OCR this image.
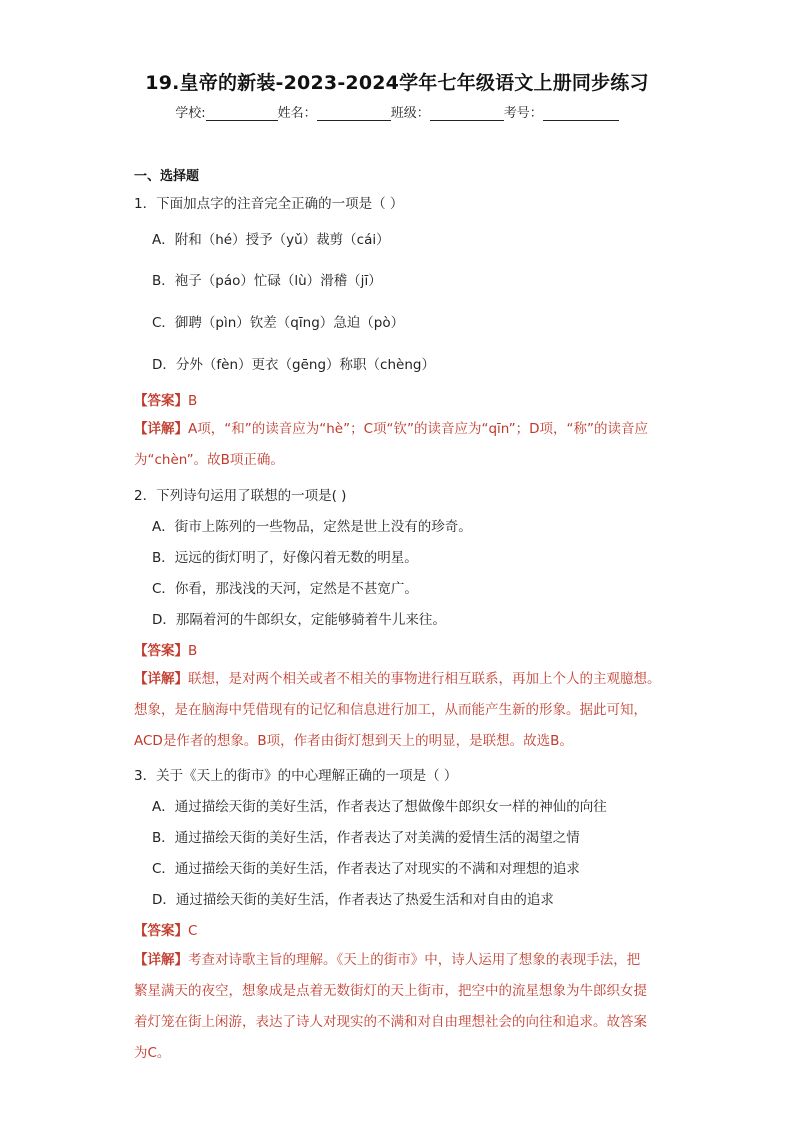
19.皇帝的新装-2023-2024学年七年级语文上册同步练习
学校:	姓名：	班级：	考号：
一、选择题
1．下面加点字的注音完全正确的一项是（ ）
A．附和（hé）授予（yǔ）裁剪（cái）
B．袍子（páo）忙碌（lù）滑稽（jī）
C．御聘（pìn）钦差（qīng）急迫（pò）
D．分外（fèn）更衣（gēng）称职（chèng）
【答案】B
【详解】A项，“和”的读音应为“hè”；C项“钦”的读音应为“qīn”；D项，“称”的读音应
为“chèn”。故B项正确。
2．下列诗句运用了联想的一项是( )
A．街市上陈列的一些物品，定然是世上没有的珍奇。
B．远远的街灯明了，好像闪着无数的明星。
C．你看，那浅浅的天河，定然是不甚宽广。
D．那隔着河的牛郎织女，定能够骑着牛儿来往。
【答案】B
【详解】联想，是对两个相关或者不相关的事物进行相互联系，再加上个人的主观臆想。
想象，是在脑海中凭借现有的记忆和信息进行加工，从而能产生新的形象。据此可知，
ACD是作者的想象。B项，作者由街灯想到天上的明显，是联想。故选B。
3．关于《天上的街市》的中心理解正确的一项是（ ）
A．通过描绘天街的美好生活，作者表达了想做像牛郎织女一样的神仙的向往
B．通过描绘天街的美好生活，作者表达了对美满的爱情生活的渴望之情
C．通过描绘天街的美好生活，作者表达了对现实的不满和对理想的追求
D．通过描绘天街的美好生活，作者表达了热爱生活和对自由的追求
【答案】C
【详解】考查对诗歌主旨的理解。《天上的街市》中，诗人运用了想象的表现手法，把
繁星满天的夜空，想象成是点着无数街灯的天上街市，把空中的流星想象为牛郎织女提
着灯笼在街上闲游，表达了诗人对现实的不满和对自由理想社会的向往和追求。故答案
为C。
